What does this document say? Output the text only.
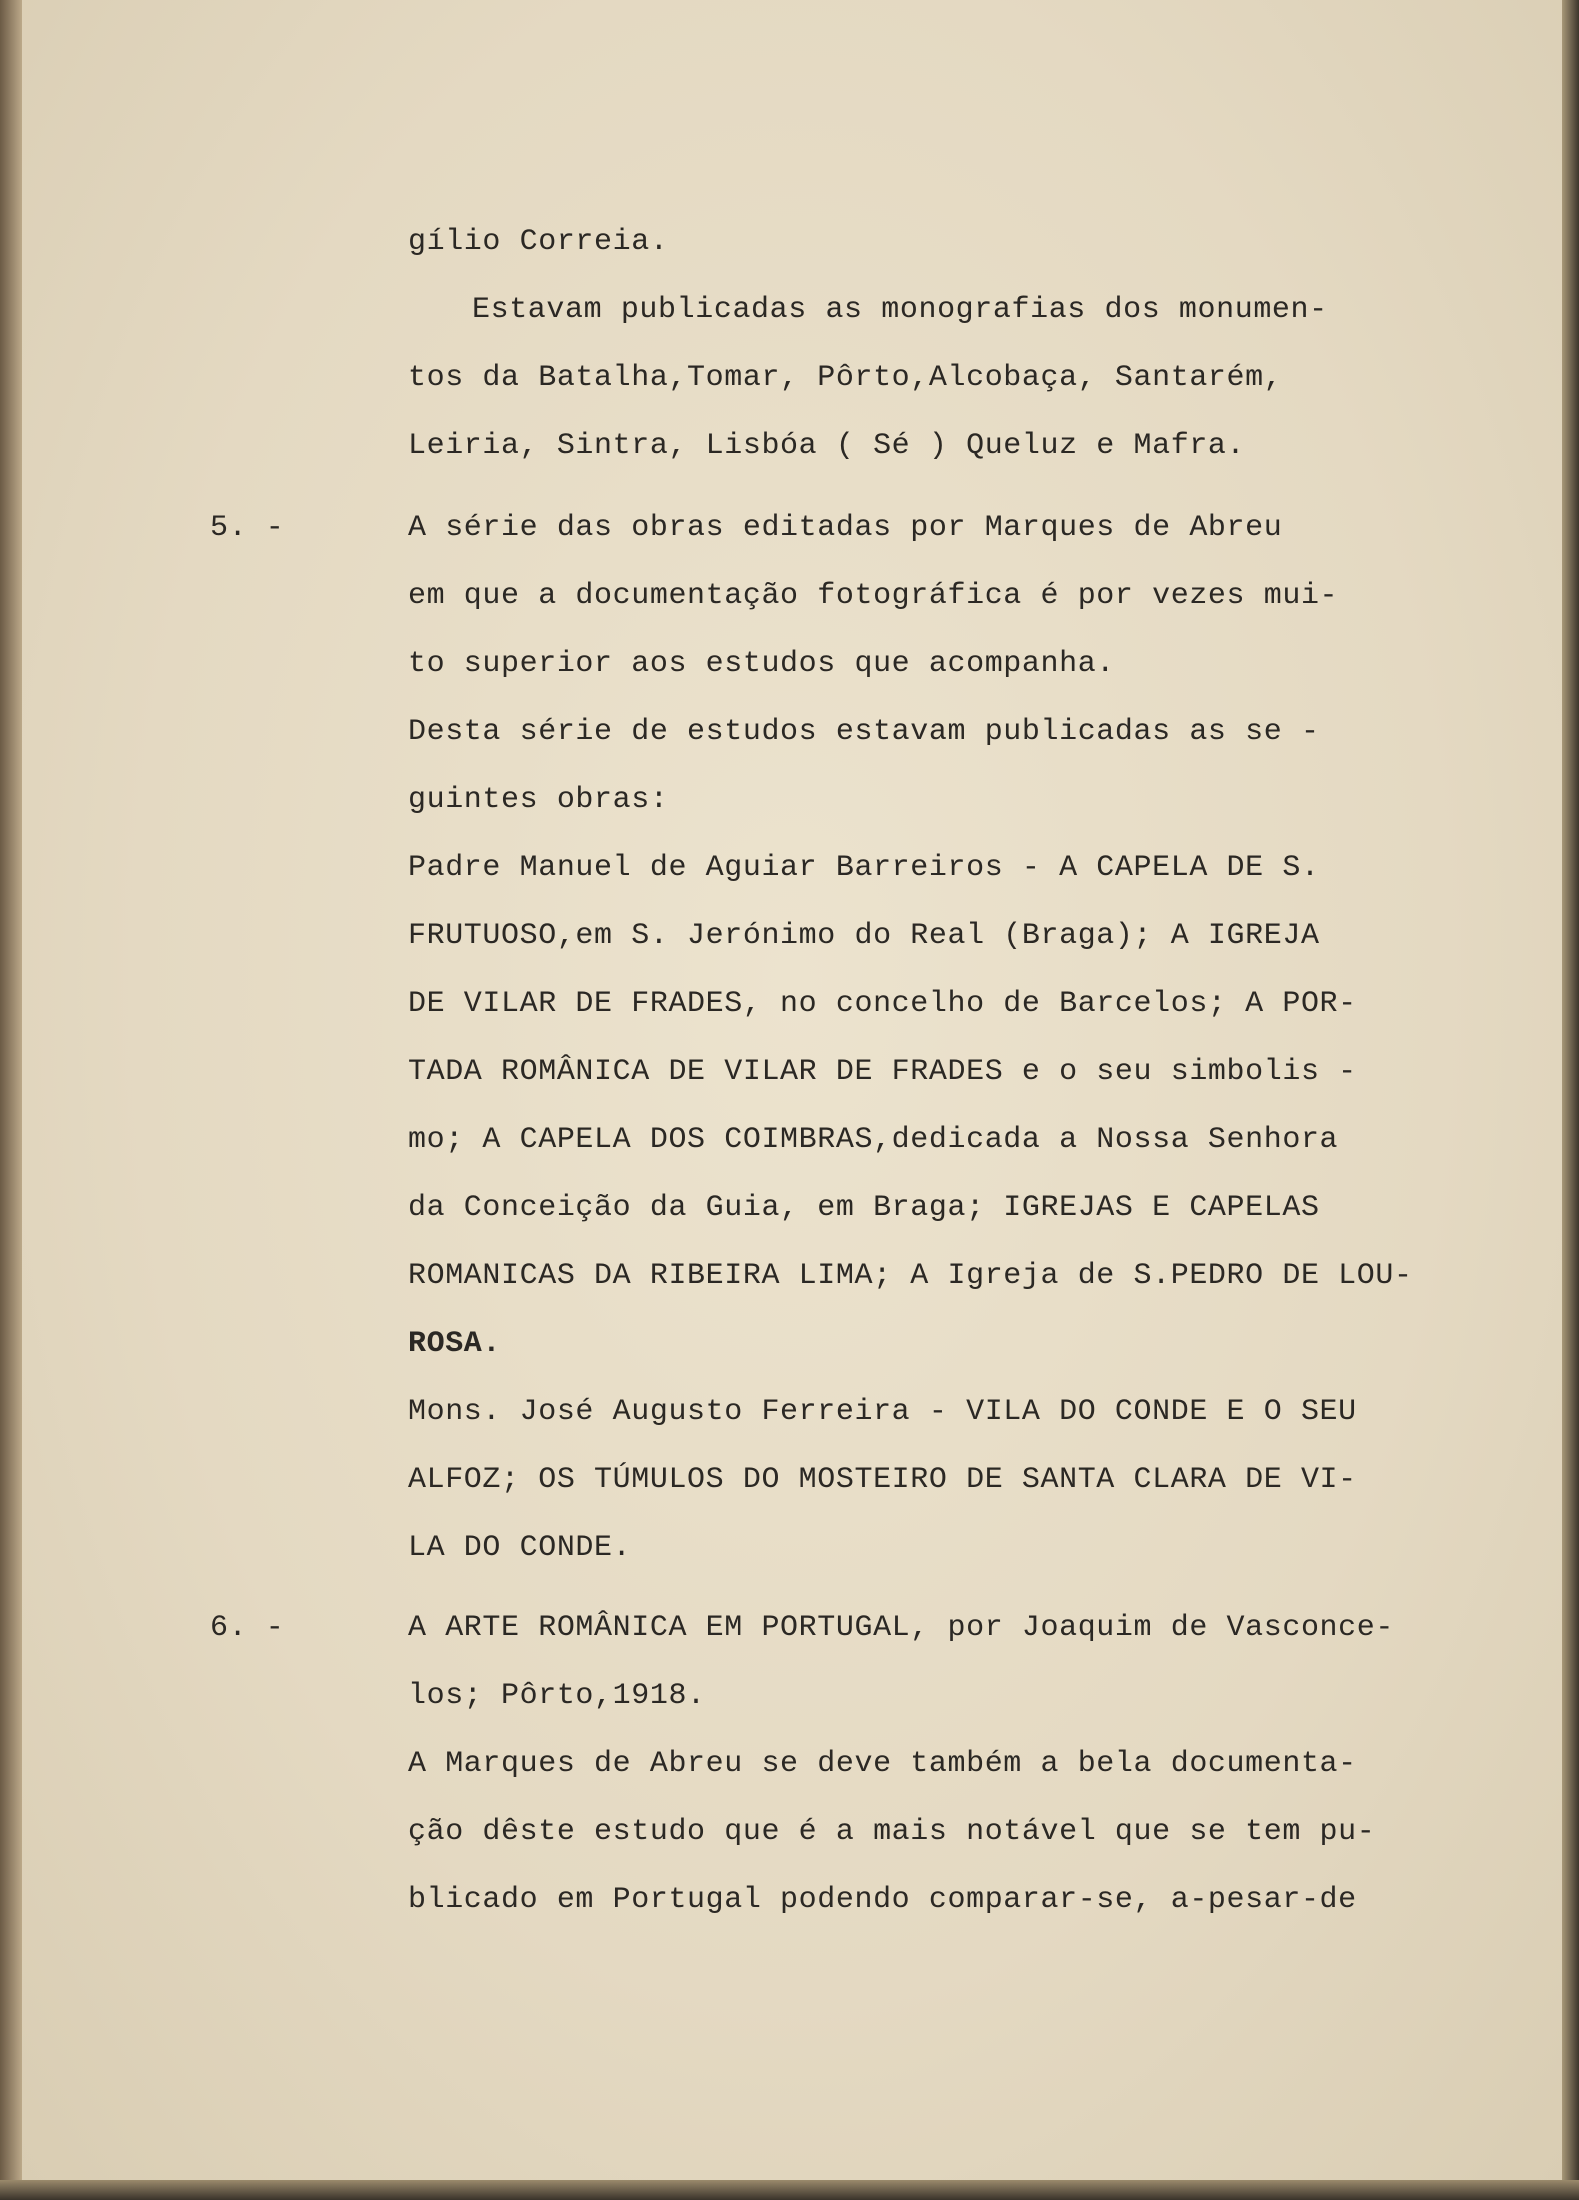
5. -
6. -
gílio Correia.
Estavam publicadas as monografias dos monumen-
tos da Batalha,Tomar, Pôrto,Alcobaça, Santarém,
Leiria, Sintra, Lisbóa ( Sé ) Queluz e Mafra.
A série das obras editadas por Marques de Abreu
em que a documentação fotográfica é por vezes mui-
to superior aos estudos que acompanha.
Desta série de estudos estavam publicadas as se -
guintes obras:
Padre Manuel de Aguiar Barreiros - A CAPELA DE S.
FRUTUOSO,em S. Jerónimo do Real (Braga); A IGREJA
DE VILAR DE FRADES, no concelho de Barcelos; A POR-
TADA ROMÂNICA DE VILAR DE FRADES e o seu simbolis -
mo; A CAPELA DOS COIMBRAS,dedicada a Nossa Senhora
da Conceição da Guia, em Braga; IGREJAS E CAPELAS
ROMANICAS DA RIBEIRA LIMA; A Igreja de S.PEDRO DE LOU-
ROSA.
Mons. José Augusto Ferreira - VILA DO CONDE E O SEU
ALFOZ; OS TÚMULOS DO MOSTEIRO DE SANTA CLARA DE VI-
LA DO CONDE.
A ARTE ROMÂNICA EM PORTUGAL, por Joaquim de Vasconce-
los; Pôrto,1918.
A Marques de Abreu se deve também a bela documenta-
ção dêste estudo que é a mais notável que se tem pu-
blicado em Portugal podendo comparar-se, a-pesar-de
